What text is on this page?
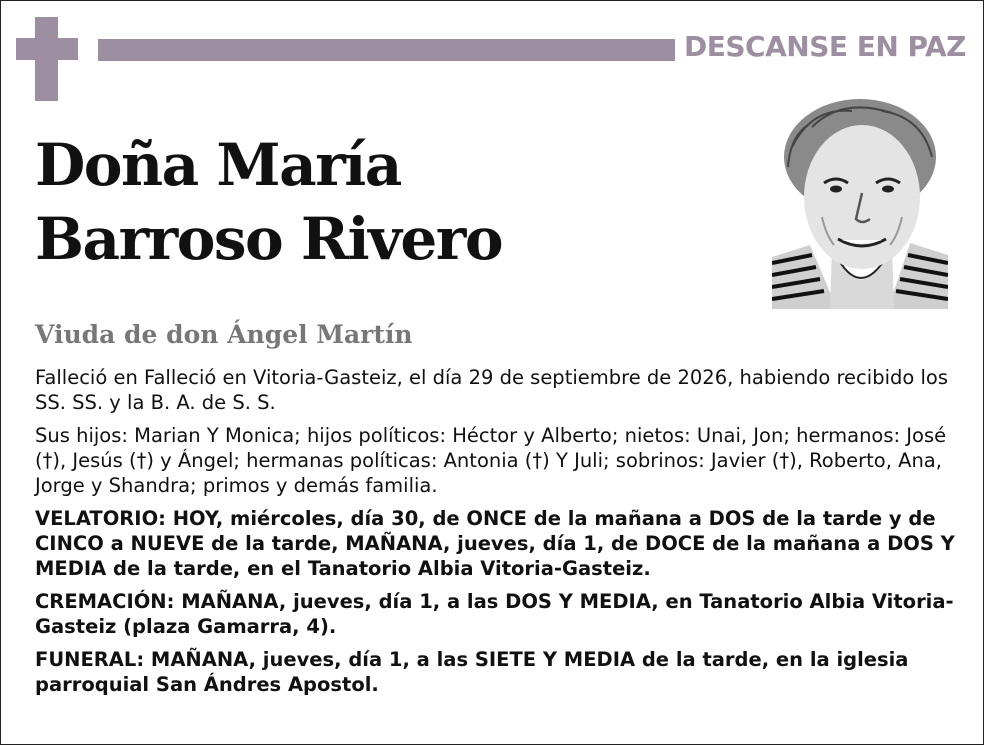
DESCANSE EN PAZ
Doña María
Barroso Rivero
Viuda de don Ángel Martín

Falleció en Falleció en Vitoria-Gasteiz, el día 29 de septiembre de 2026, habiendo recibido los SS. SS. y la B. A. de S. S.

Sus hijos: Marian Y Monica; hijos políticos: Héctor y Alberto; nietos: Unai, Jon; hermanos: José (†), Jesús (†) y Ángel; hermanas políticas: Antonia (†) Y Juli; sobrinos: Javier (†), Roberto, Ana, Jorge y Shandra; primos y demás familia.

VELATORIO: HOY, miércoles, día 30, de ONCE de la mañana a DOS de la tarde y de CINCO a NUEVE de la tarde, MAÑANA, jueves, día 1, de DOCE de la mañana a DOS Y MEDIA de la tarde, en el Tanatorio Albia Vitoria-Gasteiz.

CREMACIÓN: MAÑANA, jueves, día 1, a las DOS Y MEDIA, en Tanatorio Albia Vitoria-Gasteiz (plaza Gamarra, 4).

FUNERAL: MAÑANA, jueves, día 1, a las SIETE Y MEDIA de la tarde, en la iglesia parroquial San Ándres Apostol.
